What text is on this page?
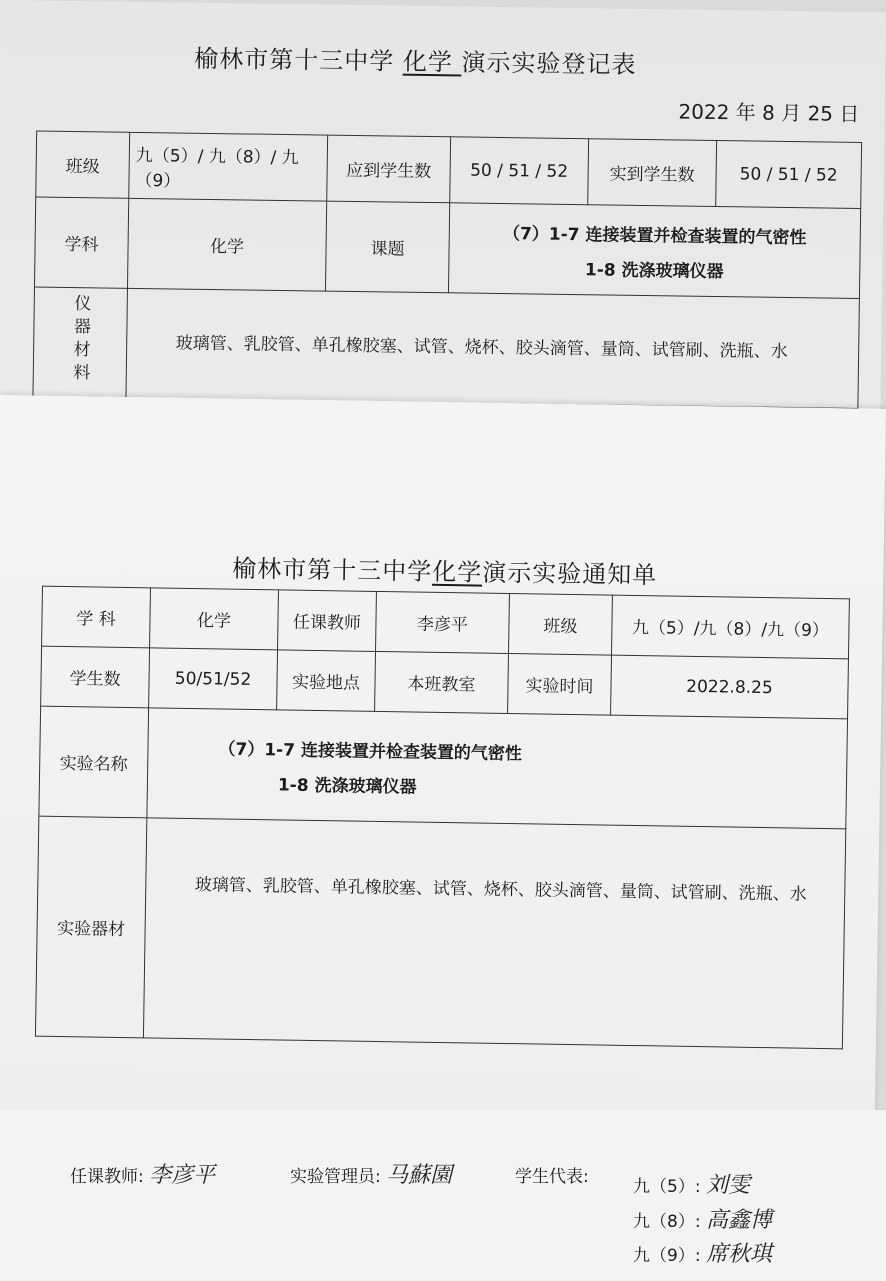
榆林市第十三中学 化学 演示实验登记表
2022 年 8 月 25 日
班级	九（5）/ 九（8）/ 九（9）	应到学生数	50 / 51 / 52	实到学生数	50 / 51 / 52
学科	化学	课题	（7）1-7 连接装置并检查装置的气密性
1-8 洗涤玻璃仪器		

仪器材料	玻璃管、乳胶管、单孔橡胶塞、试管、烧杯、胶头滴管、量筒、试管刷、洗瓶、水				
榆林市第十三中学化学演示实验通知单
学 科	化学	任课教师	李彦平	班级	九（5）/九（8）/九（9）
学生数	50/51/52	实验地点	本班教室	实验时间	2022.8.25
实验名称	（7）1-7 连接装置并检查装置的气密性
1-8 洗涤玻璃仪器				

实验器材	玻璃管、乳胶管、单孔橡胶塞、试管、烧杯、胶头滴管、量筒、试管刷、洗瓶、水				
任课教师: 李彦平	实验管理员: 马蘇園	学生代表:	九（5）: 刘雯
九（8）: 高鑫博
九（9）: 席秋琪
